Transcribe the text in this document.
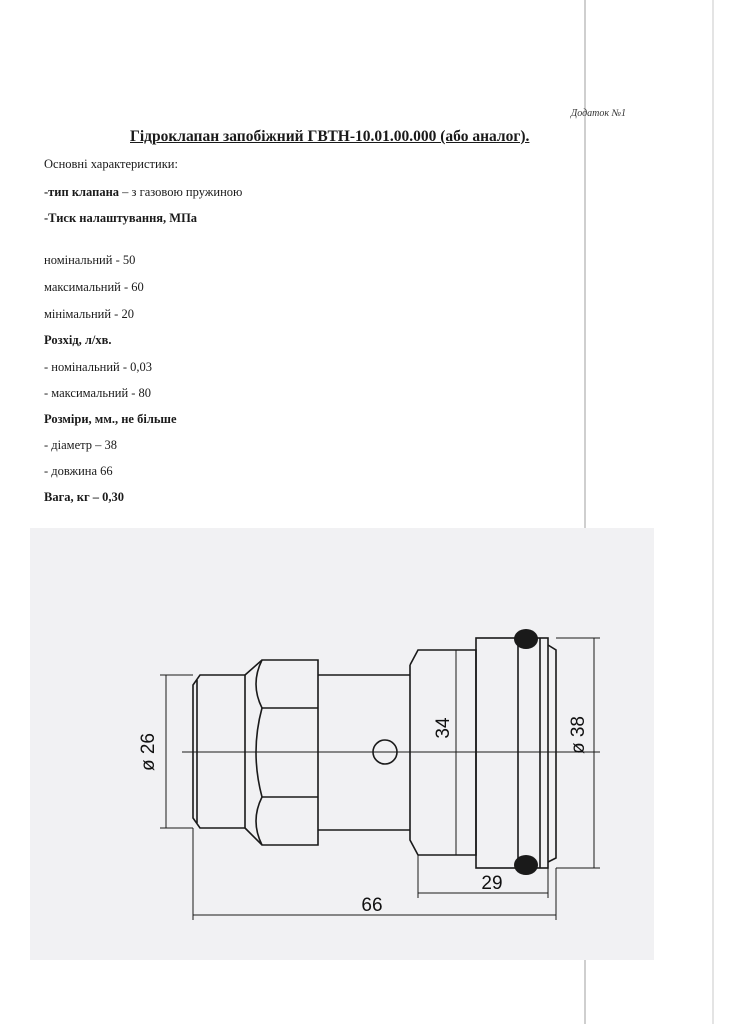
Додаток №1
Гідроклапан запобіжний ГВТН-10.01.00.000 (або аналог).
Основні характеристики:
-тип клапана – з газовою пружиною
-Тиск налаштування, МПа
номінальний - 50
максимальний - 60
мінімальний - 20
Розхід, л/хв.
- номінальний - 0,03
- максимальний - 80
Розміри, мм., не більше
- діаметр – 38
- довжина 66
Вага, кг – 0,30
ø 26
34	ø 38
29
66
